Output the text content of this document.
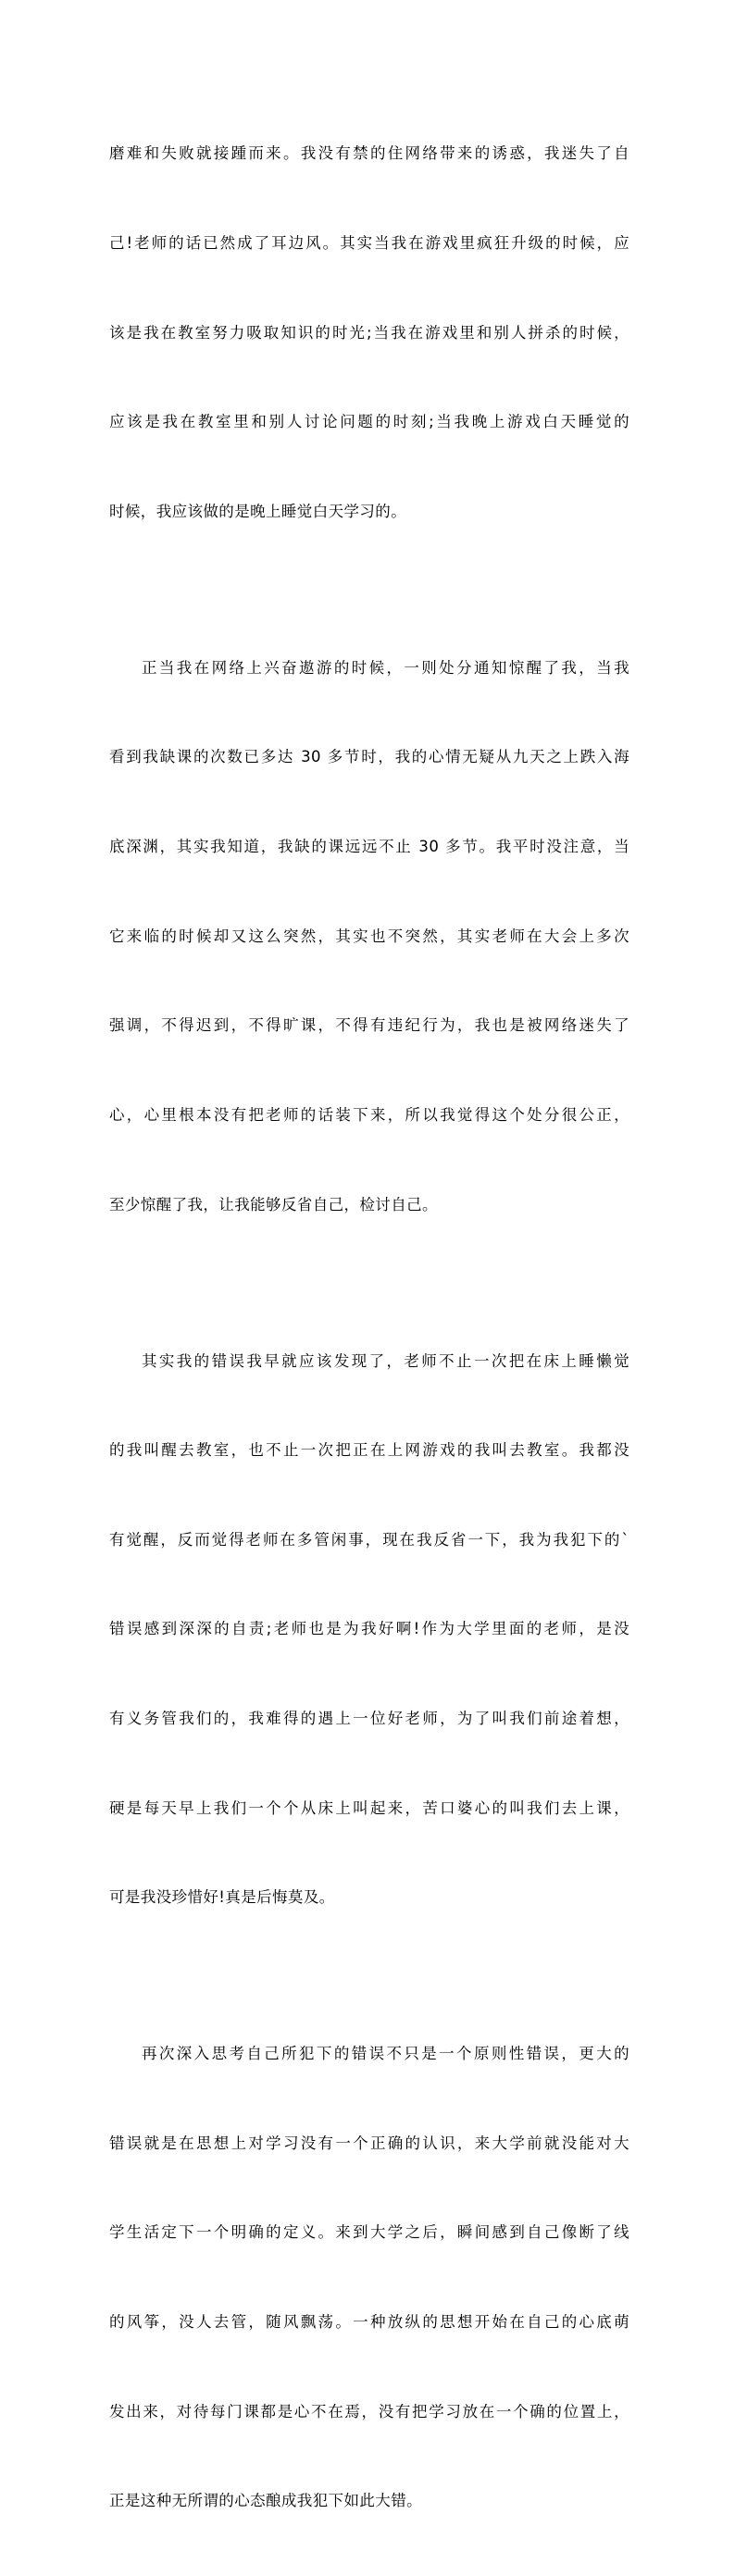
磨难和失败就接踵而来。我没有禁的住网络带来的诱惑，我迷失了自

己!老师的话已然成了耳边风。其实当我在游戏里疯狂升级的时候，应

该是我在教室努力吸取知识的时光;当我在游戏里和别人拼杀的时候，

应该是我在教室里和别人讨论问题的时刻;当我晚上游戏白天睡觉的

时候，我应该做的是晚上睡觉白天学习的。

正当我在网络上兴奋遨游的时候，一则处分通知惊醒了我，当我

看到我缺课的次数已多达 30 多节时，我的心情无疑从九天之上跌入海

底深渊，其实我知道，我缺的课远远不止 30 多节。我平时没注意，当

它来临的时候却又这么突然，其实也不突然，其实老师在大会上多次

强调，不得迟到，不得旷课，不得有违纪行为，我也是被网络迷失了

心，心里根本没有把老师的话装下来，所以我觉得这个处分很公正，

至少惊醒了我，让我能够反省自己，检讨自己。

其实我的错误我早就应该发现了，老师不止一次把在床上睡懒觉

的我叫醒去教室，也不止一次把正在上网游戏的我叫去教室。我都没

有觉醒，反而觉得老师在多管闲事，现在我反省一下，我为我犯下的`

错误感到深深的自责;老师也是为我好啊!作为大学里面的老师，是没

有义务管我们的，我难得的遇上一位好老师，为了叫我们前途着想，

硬是每天早上我们一个个从床上叫起来，苦口婆心的叫我们去上课，

可是我没珍惜好!真是后悔莫及。

再次深入思考自己所犯下的错误不只是一个原则性错误，更大的

错误就是在思想上对学习没有一个正确的认识，来大学前就没能对大

学生活定下一个明确的定义。来到大学之后，瞬间感到自己像断了线

的风筝，没人去管，随风飘荡。一种放纵的思想开始在自己的心底萌

发出来，对待每门课都是心不在焉，没有把学习放在一个确的位置上，

正是这种无所谓的心态酿成我犯下如此大错。
